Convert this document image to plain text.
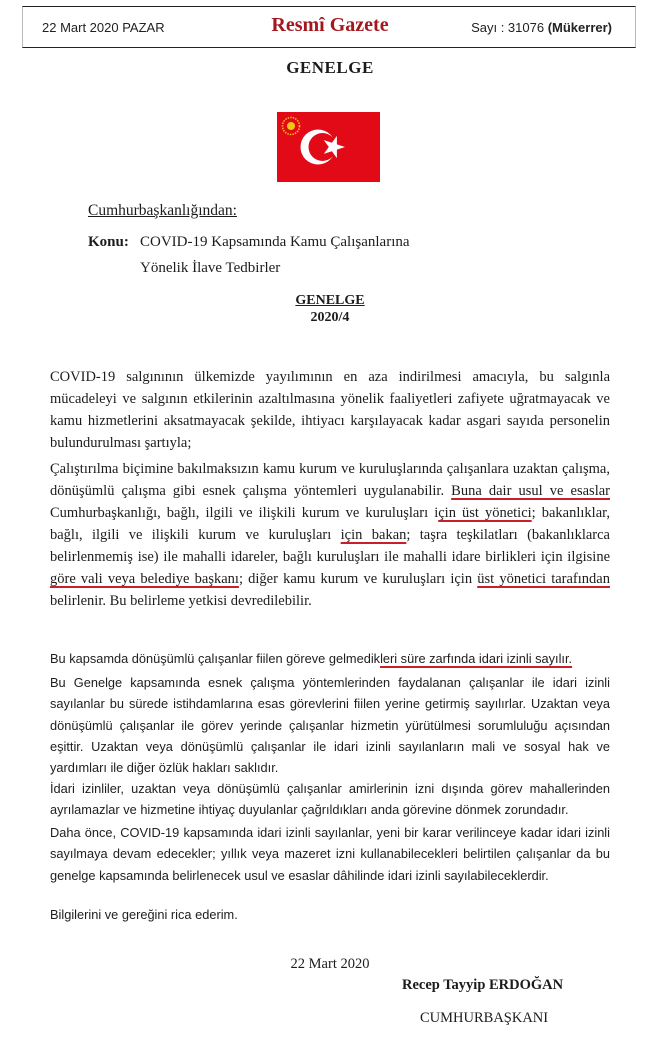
22 Mart 2020 PAZAR	Resmî Gazete	Sayı : 31076 (Mükerrer)
GENELGE
Cumhurbaşkanlığından:
Konu: COVID-19 Kapsamında Kamu Çalışanlarına
Yönelik İlave Tedbirler
GENELGE
2020/4
COVID-19 salgınının ülkemizde yayılımının en aza indirilmesi amacıyla, bu salgınla mücadeleyi ve salgının etkilerinin azaltılmasına yönelik faaliyetleri zafiyete uğratmayacak ve kamu hizmetlerini aksatmayacak şekilde, ihtiyacı karşılayacak kadar asgari sayıda personelin bulundurulması şartıyla;
Çalıştırılma biçimine bakılmaksızın kamu kurum ve kuruluşlarında çalışanlara uzaktan çalışma, dönüşümlü çalışma gibi esnek çalışma yöntemleri uygulanabilir. Buna dair usul ve esaslar Cumhurbaşkanlığı, bağlı, ilgili ve ilişkili kurum ve kuruluşları için üst yönetici; bakanlıklar, bağlı, ilgili ve ilişkili kurum ve kuruluşları için bakan; taşra teşkilatları (bakanlıklarca belirlenmemiş ise) ile mahalli idareler, bağlı kuruluşları ile mahalli idare birlikleri için ilgisine göre vali veya belediye başkanı; diğer kamu kurum ve kuruluşları için üst yönetici tarafından belirlenir. Bu belirleme yetkisi devredilebilir.
Bu kapsamda dönüşümlü çalışanlar fiilen göreve gelmedikleri süre zarfında idari izinli sayılır.
Bu Genelge kapsamında esnek çalışma yöntemlerinden faydalanan çalışanlar ile idari izinli sayılanlar bu sürede istihdamlarına esas görevlerini fiilen yerine getirmiş sayılırlar. Uzaktan veya dönüşümlü çalışanlar ile görev yerinde çalışanlar hizmetin yürütülmesi sorumluluğu açısından eşittir. Uzaktan veya dönüşümlü çalışanlar ile idari izinli sayılanların mali ve sosyal hak ve yardımları ile diğer özlük hakları saklıdır.
İdari izinliler, uzaktan veya dönüşümlü çalışanlar amirlerinin izni dışında görev mahallerinden ayrılamazlar ve hizmetine ihtiyaç duyulanlar çağrıldıkları anda görevine dönmek zorundadır.
Daha önce, COVID-19 kapsamında idari izinli sayılanlar, yeni bir karar verilinceye kadar idari izinli sayılmaya devam edecekler; yıllık veya mazeret izni kullanabilecekleri belirtilen çalışanlar da bu genelge kapsamında belirlenecek usul ve esaslar dâhilinde idari izinli sayılabileceklerdir.
Bilgilerini ve gereğini rica ederim.
22 Mart 2020
Recep Tayyip ERDOĞAN
CUMHURBAŞKANI
